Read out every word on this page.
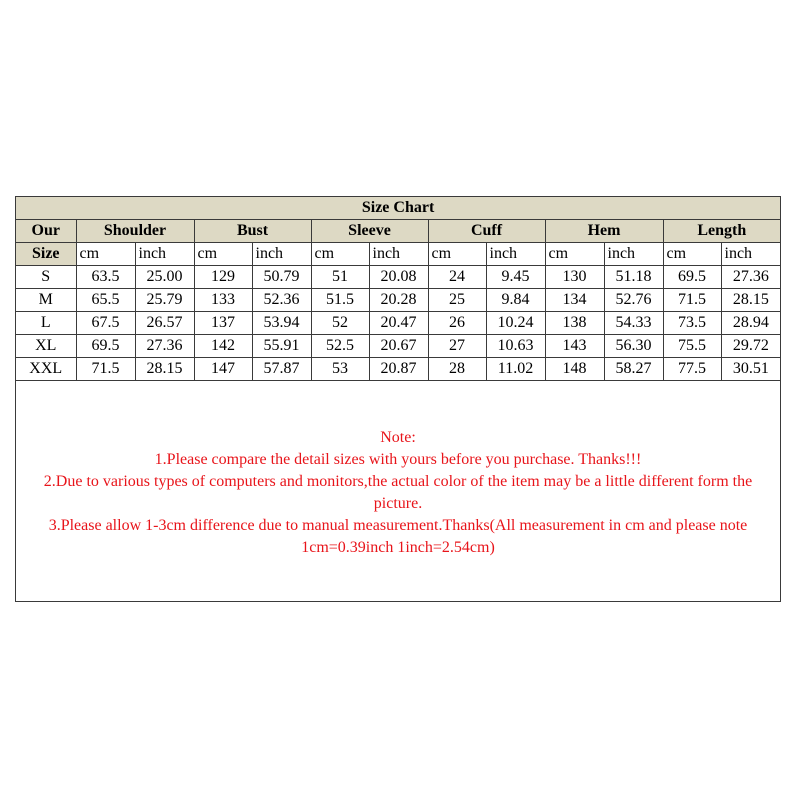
Size Chart												
Our	Shoulder		Bust		Sleeve		Cuff		Hem		Length	
Size	cm	inch	cm	inch	cm	inch	cm	inch	cm	inch	cm	inch
S	63.5	25.00	129	50.79	51	20.08	24	9.45	130	51.18	69.5	27.36
M	65.5	25.79	133	52.36	51.5	20.28	25	9.84	134	52.76	71.5	28.15
L	67.5	26.57	137	53.94	52	20.47	26	10.24	138	54.33	73.5	28.94
XL	69.5	27.36	142	55.91	52.5	20.67	27	10.63	143	56.30	75.5	29.72
XXL	71.5	28.15	147	57.87	53	20.87	28	11.02	148	58.27	77.5	30.51
Note:
1.Please compare the detail sizes with yours before you purchase. Thanks!!!
2.Due to various types of computers and monitors,the actual color of the item may be a little different form the
picture.
3.Please allow 1-3cm difference due to manual measurement.Thanks(All measurement in cm and please note
1cm=0.39inch 1inch=2.54cm)
